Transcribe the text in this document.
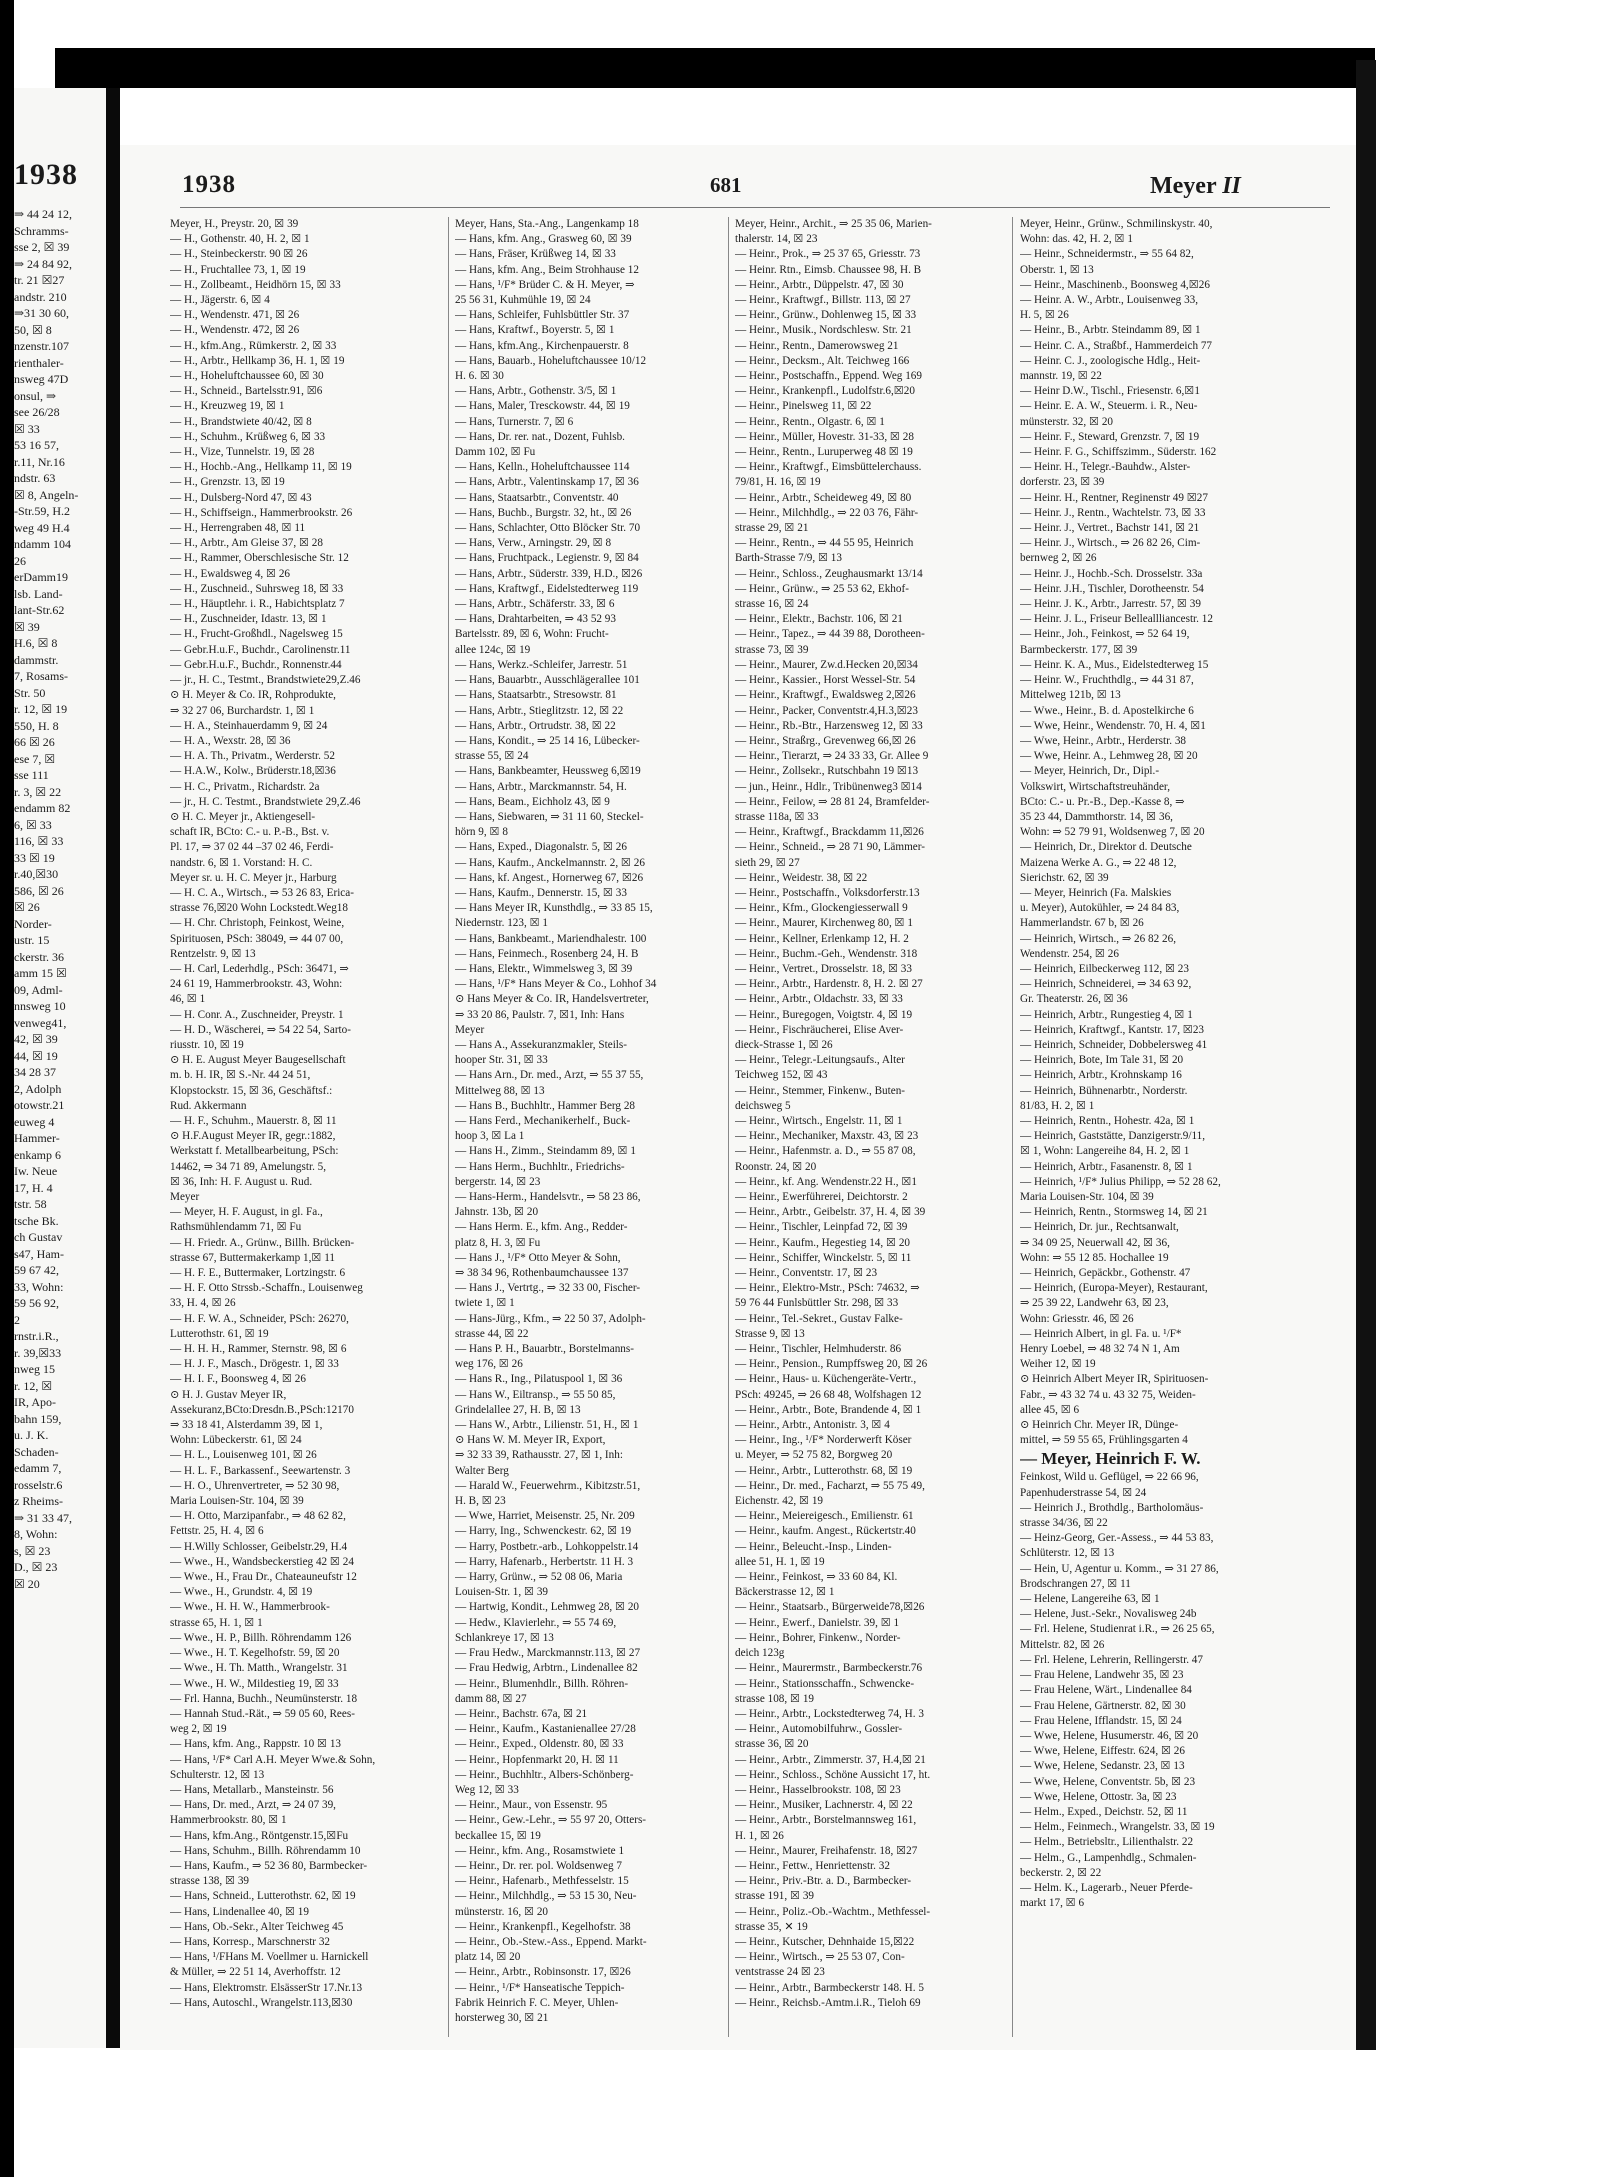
1938
⇒ 44 24 12,
Schramms-
sse 2, ☒ 39
⇒ 24 84 92,
tr. 21 ☒27
andstr. 210
⇒31 30 60,
50, ☒ 8
nzenstr.107
rienthaler-
nsweg 47D
onsul, ⇒
see 26/28
☒ 33
53 16 57,
r.11, Nr.16
ndstr. 63
☒ 8, Angeln-
-Str.59, H.2
weg 49 H.4
ndamm 104
26
erDamm19
lsb. Land-
lant-Str.62
☒ 39
H.6, ☒ 8
dammstr.
7, Rosams-
Str. 50
r. 12, ☒ 19
550, H. 8
66 ☒ 26
ese 7, ☒
sse 111
r. 3, ☒ 22
endamm 82
6, ☒ 33
116, ☒ 33
33 ☒ 19
r.40,☒30
586, ☒ 26
☒ 26
Norder-
ustr. 15
ckerstr. 36
amm 15 ☒
09, Adml-
nnsweg 10
venweg41,
42, ☒ 39
44, ☒ 19
34 28 37
2, Adolph
otowstr.21
euweg 4
Hammer-
enkamp 6
Iw. Neue
17, H. 4
tstr. 58
tsche Bk.
ch Gustav
s47, Ham-
59 67 42,
33, Wohn:
59 56 92,
2
rnstr.i.R.,
r. 39,☒33
nweg 15
r. 12, ☒
IR, Apo-
bahn 159,
u. J. K.
Schaden-
edamm 7,
rosselstr.6
z Rheims-
⇒ 31 33 47,
8, Wohn:
s, ☒ 23
D., ☒ 23
☒ 20
1938	681	Meyer II
Meyer, H., Preystr. 20, ☒ 39
— H., Gothenstr. 40, H. 2, ☒ 1
— H., Steinbeckerstr. 90 ☒ 26
— H., Fruchtallee 73, 1, ☒ 19
— H., Zollbeamt., Heidhörn 15, ☒ 33
— H., Jägerstr. 6, ☒ 4
— H., Wendenstr. 471, ☒ 26
— H., Wendenstr. 472, ☒ 26
— H., kfm.Ang., Rümkerstr. 2, ☒ 33
— H., Arbtr., Hellkamp 36, H. 1, ☒ 19
— H., Hoheluftchaussee 60, ☒ 30
— H., Schneid., Bartelsstr.91, ☒6
— H., Kreuzweg 19, ☒ 1
— H., Brandstwiete 40/42, ☒ 8
— H., Schuhm., Krüßweg 6, ☒ 33
— H., Vize, Tunnelstr. 19, ☒ 28
— H., Hochb.-Ang., Hellkamp 11, ☒ 19
— H., Grenzstr. 13, ☒ 19
— H., Dulsberg-Nord 47, ☒ 43
— H., Schiffseign., Hammerbrookstr. 26
— H., Herrengraben 48, ☒ 11
— H., Arbtr., Am Gleise 37, ☒ 28
— H., Rammer, Oberschlesische Str. 12
— H., Ewaldsweg 4, ☒ 26
— H., Zuschneid., Suhrsweg 18, ☒ 33
— H., Häuptlehr. i. R., Habichtsplatz 7
— H., Zuschneider, Idastr. 13, ☒ 1
— H., Frucht-Großhdl., Nagelsweg 15
— Gebr.H.u.F., Buchdr., Carolinenstr.11
— Gebr.H.u.F., Buchdr., Ronnenstr.44
— jr., H. C., Testmt., Brandstwiete29,Z.46
⊙ H. Meyer & Co. IR, Rohprodukte,
⇒ 32 27 06, Burchardstr. 1, ☒ 1
— H. A., Steinhauerdamm 9, ☒ 24
— H. A., Wexstr. 28, ☒ 36
— H. A. Th., Privatm., Werderstr. 52
— H.A.W., Kolw., Brüderstr.18,☒36
— H. C., Privatm., Richardstr. 2a
— jr., H. C. Testmt., Brandstwiete 29,Z.46
⊙ H. C. Meyer jr., Aktiengesell-
schaft IR, BCto: C.- u. P.-B., Bst. v.
Pl. 17, ⇒ 37 02 44 –37 02 46, Ferdi-
nandstr. 6, ☒ 1. Vorstand: H. C.
Meyer sr. u. H. C. Meyer jr., Harburg
— H. C. A., Wirtsch., ⇒ 53 26 83, Erica-
strasse 76,☒20 Wohn Lockstedt.Weg18
— H. Chr. Christoph, Feinkost, Weine,
Spirituosen, PSch: 38049, ⇒ 44 07 00,
Rentzelstr. 9, ☒ 13
— H. Carl, Lederhdlg., PSch: 36471, ⇒
24 61 19, Hammerbrookstr. 43, Wohn:
46, ☒ 1
— H. Conr. A., Zuschneider, Preystr. 1
— H. D., Wäscherei, ⇒ 54 22 54, Sarto-
riusstr. 10, ☒ 19
⊙ H. E. August Meyer Baugesellschaft
m. b. H. IR, ☒ S.-Nr. 44 24 51,
Klopstockstr. 15, ☒ 36, Geschäftsf.:
Rud. Akkermann
— H. F., Schuhm., Mauerstr. 8, ☒ 11
⊙ H.F.August Meyer IR, gegr.:1882,
Werkstatt f. Metallbearbeitung, PSch:
14462, ⇒ 34 71 89, Amelungstr. 5,
☒ 36, Inh: H. F. August u. Rud.
Meyer
— Meyer, H. F. August, in gl. Fa.,
Rathsmühlendamm 71, ☒ Fu
— H. Friedr. A., Grünw., Billh. Brücken-
strasse 67, Buttermakerkamp 1,☒ 11
— H. F. E., Buttermaker, Lortzingstr. 6
— H. F. Otto Strssb.-Schaffn., Louisenweg
33, H. 4, ☒ 26
— H. F. W. A., Schneider, PSch: 26270,
Lutterothstr. 61, ☒ 19
— H. H. H., Rammer, Sternstr. 98, ☒ 6
— H. J. F., Masch., Drögestr. 1, ☒ 33
— H. I. F., Boonsweg 4, ☒ 26
⊙ H. J. Gustav Meyer IR,
Assekuranz,BCto:Dresdn.B.,PSch:12170
⇒ 33 18 41, Alsterdamm 39, ☒ 1,
Wohn: Lübeckerstr. 61, ☒ 24
— H. L., Louisenweg 101, ☒ 26
— H. L. F., Barkassenf., Seewartenstr. 3
— H. O., Uhrenvertreter, ⇒ 52 30 98,
Maria Louisen-Str. 104, ☒ 39
— H. Otto, Marzipanfabr., ⇒ 48 62 82,
Fettstr. 25, H. 4, ☒ 6
— H.Willy Schlosser, Geibelstr.29, H.4
— Wwe., H., Wandsbeckerstieg 42 ☒ 24
— Wwe., H., Frau Dr., Chateauneufstr 12
— Wwe., H., Grundstr. 4, ☒ 19
— Wwe., H. H. W., Hammerbrook-
strasse 65, H. 1, ☒ 1
— Wwe., H. P., Billh. Röhrendamm 126
— Wwe., H. T. Kegelhofstr. 59, ☒ 20
— Wwe., H. Th. Matth., Wrangelstr. 31
— Wwe., H. W., Mildestieg 19, ☒ 33
— Frl. Hanna, Buchh., Neumünsterstr. 18
— Hannah Stud.-Rät., ⇒ 59 05 60, Rees-
weg 2, ☒ 19
— Hans, kfm. Ang., Rappstr. 10 ☒ 13
— Hans, ¹/F* Carl A.H. Meyer Wwe.& Sohn,
Schulterstr. 12, ☒ 13
— Hans, Metallarb., Mansteinstr. 56
— Hans, Dr. med., Arzt, ⇒ 24 07 39,
Hammerbrookstr. 80, ☒ 1
— Hans, kfm.Ang., Röntgenstr.15,☒Fu
— Hans, Schuhm., Billh. Röhrendamm 10
— Hans, Kaufm., ⇒ 52 36 80, Barmbecker-
strasse 138, ☒ 39
— Hans, Schneid., Lutterothstr. 62, ☒ 19
— Hans, Lindenallee 40, ☒ 19
— Hans, Ob.-Sekr., Alter Teichweg 45
— Hans, Korresp., Marschnerstr 32
— Hans, ¹/FHans M. Voellmer u. Harnickell
& Müller, ⇒ 22 51 14, Averhoffstr. 12
— Hans, Elektromstr. ElsässerStr 17.Nr.13
— Hans, Autoschl., Wrangelstr.113,☒30
Meyer, Hans, Sta.-Ang., Langenkamp 18
— Hans, kfm. Ang., Grasweg 60, ☒ 39
— Hans, Fräser, Krüßweg 14, ☒ 33
— Hans, kfm. Ang., Beim Strohhause 12
— Hans, ¹/F* Brüder C. & H. Meyer, ⇒
25 56 31, Kuhmühle 19, ☒ 24
— Hans, Schleifer, Fuhlsbüttler Str. 37
— Hans, Kraftwf., Boyerstr. 5, ☒ 1
— Hans, kfm.Ang., Kirchenpauerstr. 8
— Hans, Bauarb., Hoheluftchaussee 10/12
H. 6. ☒ 30
— Hans, Arbtr., Gothenstr. 3/5, ☒ 1
— Hans, Maler, Tresckowstr. 44, ☒ 19
— Hans, Turnerstr. 7, ☒ 6
— Hans, Dr. rer. nat., Dozent, Fuhlsb.
Damm 102, ☒ Fu
— Hans, Kelln., Hoheluftchaussee 114
— Hans, Arbtr., Valentinskamp 17, ☒ 36
— Hans, Staatsarbtr., Conventstr. 40
— Hans, Buchb., Burgstr. 32, ht., ☒ 26
— Hans, Schlachter, Otto Blöcker Str. 70
— Hans, Verw., Arningstr. 29, ☒ 8
— Hans, Fruchtpack., Legienstr. 9, ☒ 84
— Hans, Arbtr., Süderstr. 339, H.D., ☒26
— Hans, Kraftwgf., Eidelstedterweg 119
— Hans, Arbtr., Schäferstr. 33, ☒ 6
— Hans, Drahtarbeiten, ⇒ 43 52 93
Bartelsstr. 89, ☒ 6, Wohn: Frucht-
allee 124c, ☒ 19
— Hans, Werkz.-Schleifer, Jarrestr. 51
— Hans, Bauarbtr., Ausschlägerallee 101
— Hans, Staatsarbtr., Stresowstr. 81
— Hans, Arbtr., Stieglitzstr. 12, ☒ 22
— Hans, Arbtr., Ortrudstr. 38, ☒ 22
— Hans, Kondit., ⇒ 25 14 16, Lübecker-
strasse 55, ☒ 24
— Hans, Bankbeamter, Heussweg 6,☒19
— Hans, Arbtr., Marckmannstr. 54, H.
— Hans, Beam., Eichholz 43, ☒ 9
— Hans, Siebwaren, ⇒ 31 11 60, Steckel-
hörn 9, ☒ 8
— Hans, Exped., Diagonalstr. 5, ☒ 26
— Hans, Kaufm., Anckelmannstr. 2, ☒ 26
— Hans, kf. Angest., Hornerweg 67, ☒26
— Hans, Kaufm., Dennerstr. 15, ☒ 33
— Hans Meyer IR, Kunsthdlg., ⇒ 33 85 15,
Niedernstr. 123, ☒ 1
— Hans, Bankbeamt., Mariendhalestr. 100
— Hans, Feinmech., Rosenberg 24, H. B
— Hans, Elektr., Wimmelsweg 3, ☒ 39
— Hans, ¹/F* Hans Meyer & Co., Lohhof 34
⊙ Hans Meyer & Co. IR, Handelsvertreter,
⇒ 33 20 86, Paulstr. 7, ☒1, Inh: Hans
Meyer
— Hans A., Assekuranzmakler, Steils-
hooper Str. 31, ☒ 33
— Hans Arn., Dr. med., Arzt, ⇒ 55 37 55,
Mittelweg 88, ☒ 13
— Hans B., Buchhltr., Hammer Berg 28
— Hans Ferd., Mechanikerhelf., Buck-
hoop 3, ☒ La 1
— Hans H., Zimm., Steindamm 89, ☒ 1
— Hans Herm., Buchhltr., Friedrichs-
bergerstr. 14, ☒ 23
— Hans-Herm., Handelsvtr., ⇒ 58 23 86,
Jahnstr. 13b, ☒ 20
— Hans Herm. E., kfm. Ang., Redder-
platz 8, H. 3, ☒ Fu
— Hans J., ¹/F* Otto Meyer & Sohn,
⇒ 38 34 96, Rothenbaumchaussee 137
— Hans J., Vertrtg., ⇒ 32 33 00, Fischer-
twiete 1, ☒ 1
— Hans-Jürg., Kfm., ⇒ 22 50 37, Adolph-
strasse 44, ☒ 22
— Hans P. H., Bauarbtr., Borstelmanns-
weg 176, ☒ 26
— Hans R., Ing., Pilatuspool 1, ☒ 36
— Hans W., Eiltransp., ⇒ 55 50 85,
Grindelallee 27, H. B, ☒ 13
— Hans W., Arbtr., Lilienstr. 51, H., ☒ 1
⊙ Hans W. M. Meyer IR, Export,
⇒ 32 33 39, Rathausstr. 27, ☒ 1, Inh:
Walter Berg
— Harald W., Feuerwehrm., Kibitzstr.51,
H. B, ☒ 23
— Wwe, Harriet, Meisenstr. 25, Nr. 209
— Harry, Ing., Schwenckestr. 62, ☒ 19
— Harry, Postbetr.-arb., Lohkoppelstr.14
— Harry, Hafenarb., Herbertstr. 11 H. 3
— Harry, Grünw., ⇒ 52 08 06, Maria
Louisen-Str. 1, ☒ 39
— Hartwig, Kondit., Lehmweg 28, ☒ 20
— Hedw., Klavierlehr., ⇒ 55 74 69,
Schlankreye 17, ☒ 13
— Frau Hedw., Marckmannstr.113, ☒ 27
— Frau Hedwig, Arbtrn., Lindenallee 82
— Heinr., Blumenhdlr., Billh. Röhren-
damm 88, ☒ 27
— Heinr., Bachstr. 67a, ☒ 21
— Heinr., Kaufm., Kastanienallee 27/28
— Heinr., Exped., Oldenstr. 80, ☒ 33
— Heinr., Hopfenmarkt 20, H. ☒ 11
— Heinr., Buchhltr., Albers-Schönberg-
Weg 12, ☒ 33
— Heinr., Maur., von Essenstr. 95
— Heinr., Gew.-Lehr., ⇒ 55 97 20, Otters-
beckallee 15, ☒ 19
— Heinr., kfm. Ang., Rosamstwiete 1
— Heinr., Dr. rer. pol. Woldsenweg 7
— Heinr., Hafenarb., Methfesselstr. 15
— Heinr., Milchhdlg., ⇒ 53 15 30, Neu-
münsterstr. 16, ☒ 20
— Heinr., Krankenpfl., Kegelhofstr. 38
— Heinr., Ob.-Stew.-Ass., Eppend. Markt-
platz 14, ☒ 20
— Heinr., Arbtr., Robinsonstr. 17, ☒26
— Heinr., ¹/F* Hanseatische Teppich-
Fabrik Heinrich F. C. Meyer, Uhlen-
horsterweg 30, ☒ 21
Meyer, Heinr., Archit., ⇒ 25 35 06, Marien-
thalerstr. 14, ☒ 23
— Heinr., Prok., ⇒ 25 37 65, Griesstr. 73
— Heinr. Rtn., Eimsb. Chaussee 98, H. B
— Heinr., Arbtr., Düppelstr. 47, ☒ 30
— Heinr., Kraftwgf., Billstr. 113, ☒ 27
— Heinr., Grünw., Dohlenweg 15, ☒ 33
— Heinr., Musik., Nordschlesw. Str. 21
— Heinr., Rentn., Damerowsweg 21
— Heinr., Decksm., Alt. Teichweg 166
— Heinr., Postschaffn., Eppend. Weg 169
— Heinr., Krankenpfl., Ludolfstr.6,☒20
— Heinr., Pinelsweg 11, ☒ 22
— Heinr., Rentn., Olgastr. 6, ☒ 1
— Heinr., Müller, Hovestr. 31-33, ☒ 28
— Heinr., Rentn., Luruperweg 48 ☒ 19
— Heinr., Kraftwgf., Eimsbüttelerchauss.
79/81, H. 16, ☒ 19
— Heinr., Arbtr., Scheideweg 49, ☒ 80
— Heinr., Milchhdlg., ⇒ 22 03 76, Fähr-
strasse 29, ☒ 21
— Heinr., Rentn., ⇒ 44 55 95, Heinrich
Barth-Strasse 7/9, ☒ 13
— Heinr., Schloss., Zeughausmarkt 13/14
— Heinr., Grünw., ⇒ 25 53 62, Ekhof-
strasse 16, ☒ 24
— Heinr., Elektr., Bachstr. 106, ☒ 21
— Heinr., Tapez., ⇒ 44 39 88, Dorotheen-
strasse 73, ☒ 39
— Heinr., Maurer, Zw.d.Hecken 20,☒34
— Heinr., Kassier., Horst Wessel-Str. 54
— Heinr., Kraftwgf., Ewaldsweg 2,☒26
— Heinr., Packer, Conventstr.4,H.3,☒23
— Heinr., Rb.-Btr., Harzensweg 12, ☒ 33
— Heinr., Straßrg., Grevenweg 66,☒ 26
— Heinr., Tierarzt, ⇒ 24 33 33, Gr. Allee 9
— Heinr., Zollsekr., Rutschbahn 19 ☒13
— jun., Heinr., Hdlr., Tribünenweg3 ☒14
— Heinr., Feilow, ⇒ 28 81 24, Bramfelder-
strasse 118a, ☒ 33
— Heinr., Kraftwgf., Brackdamm 11,☒26
— Heinr., Schneid., ⇒ 28 71 90, Lämmer-
sieth 29, ☒ 27
— Heinr., Weidestr. 38, ☒ 22
— Heinr., Postschaffn., Volksdorferstr.13
— Heinr., Kfm., Glockengiesserwall 9
— Heinr., Maurer, Kirchenweg 80, ☒ 1
— Heinr., Kellner, Erlenkamp 12, H. 2
— Heinr., Buchm.-Geh., Wendenstr. 318
— Heinr., Vertret., Drosselstr. 18, ☒ 33
— Heinr., Arbtr., Hardenstr. 8, H. 2. ☒ 27
— Heinr., Arbtr., Oldachstr. 33, ☒ 33
— Heinr., Buregogen, Voigtstr. 4, ☒ 19
— Heinr., Fischräucherei, Elise Aver-
dieck-Strasse 1, ☒ 26
— Heinr., Telegr.-Leitungsaufs., Alter
Teichweg 152, ☒ 43
— Heinr., Stemmer, Finkenw., Buten-
deichsweg 5
— Heinr., Wirtsch., Engelstr. 11, ☒ 1
— Heinr., Mechaniker, Maxstr. 43, ☒ 23
— Heinr., Hafenmstr. a. D., ⇒ 55 87 08,
Roonstr. 24, ☒ 20
— Heinr., kf. Ang. Wendenstr.22 H., ☒1
— Heinr., Ewerführerei, Deichtorstr. 2
— Heinr., Arbtr., Geibelstr. 37, H. 4, ☒ 39
— Heinr., Tischler, Leinpfad 72, ☒ 39
— Heinr., Kaufm., Hegestieg 14, ☒ 20
— Heinr., Schiffer, Winckelstr. 5, ☒ 11
— Heinr., Conventstr. 17, ☒ 23
— Heinr., Elektro-Mstr., PSch: 74632, ⇒
59 76 44 Funlsbüttler Str. 298, ☒ 33
— Heinr., Tel.-Sekret., Gustav Falke-
Strasse 9, ☒ 13
— Heinr., Tischler, Helmhuderstr. 86
— Heinr., Pension., Rumpffsweg 20, ☒ 26
— Heinr., Haus- u. Küchengeräte-Vertr.,
PSch: 49245, ⇒ 26 68 48, Wolfshagen 12
— Heinr., Arbtr., Bote, Brandende 4, ☒ 1
— Heinr., Arbtr., Antonistr. 3, ☒ 4
— Heinr., Ing., ¹/F* Norderwerft Köser
u. Meyer, ⇒ 52 75 82, Borgweg 20
— Heinr., Arbtr., Lutterothstr. 68, ☒ 19
— Heinr., Dr. med., Facharzt, ⇒ 55 75 49,
Eichenstr. 42, ☒ 19
— Heinr., Meiereigesch., Emilienstr. 61
— Heinr., kaufm. Angest., Rückertstr.40
— Heinr., Beleucht.-Insp., Linden-
allee 51, H. 1, ☒ 19
— Heinr., Feinkost, ⇒ 33 60 84, Kl.
Bäckerstrasse 12, ☒ 1
— Heinr., Staatsarb., Bürgerweide78,☒26
— Heinr., Ewerf., Danielstr. 39, ☒ 1
— Heinr., Bohrer, Finkenw., Norder-
deich 123g
— Heinr., Maurermstr., Barmbeckerstr.76
— Heinr., Stationsschaffn., Schwencke-
strasse 108, ☒ 19
— Heinr., Arbtr., Lockstedterweg 74, H. 3
— Heinr., Automobilfuhrw., Gossler-
strasse 36, ☒ 20
— Heinr., Arbtr., Zimmerstr. 37, H.4,☒ 21
— Heinr., Schloss., Schöne Aussicht 17, ht.
— Heinr., Hasselbrookstr. 108, ☒ 23
— Heinr., Musiker, Lachnerstr. 4, ☒ 22
— Heinr., Arbtr., Borstelmannsweg 161,
H. 1, ☒ 26
— Heinr., Maurer, Freihafenstr. 18, ☒27
— Heinr., Fettw., Henriettenstr. 32
— Heinr., Priv.-Btr. a. D., Barmbecker-
strasse 191, ☒ 39
— Heinr., Poliz.-Ob.-Wachtm., Methfessel-
strasse 35, ✕ 19
— Heinr., Kutscher, Dehnhaide 15,☒22
— Heinr., Wirtsch., ⇒ 25 53 07, Con-
ventstrasse 24 ☒ 23
— Heinr., Arbtr., Barmbeckerstr 148. H. 5
— Heinr., Reichsb.-Amtm.i.R., Tieloh 69
Meyer, Heinr., Grünw., Schmilinskystr. 40,
Wohn: das. 42, H. 2, ☒ 1
— Heinr., Schneidermstr., ⇒ 55 64 82,
Oberstr. 1, ☒ 13
— Heinr., Maschinenb., Boonsweg 4,☒26
— Heinr. A. W., Arbtr., Louisenweg 33,
H. 5, ☒ 26
— Heinr., B., Arbtr. Steindamm 89, ☒ 1
— Heinr. C. A., Straßbf., Hammerdeich 77
— Heinr. C. J., zoologische Hdlg., Heit-
mannstr. 19, ☒ 22
— Heinr D.W., Tischl., Friesenstr. 6,☒1
— Heinr. E. A. W., Steuerm. i. R., Neu-
münsterstr. 32, ☒ 20
— Heinr. F., Steward, Grenzstr. 7, ☒ 19
— Heinr. F. G., Schiffszimm., Süderstr. 162
— Heinr. H., Telegr.-Bauhdw., Alster-
dorferstr. 23, ☒ 39
— Heinr. H., Rentner, Reginenstr 49 ☒27
— Heinr. J., Rentn., Wachtelstr. 73, ☒ 33
— Heinr. J., Vertret., Bachstr 141, ☒ 21
— Heinr. J., Wirtsch., ⇒ 26 82 26, Cim-
bernweg 2, ☒ 26
— Heinr. J., Hochb.-Sch. Drosselstr. 33a
— Heinr. J.H., Tischler, Dorotheenstr. 54
— Heinr. J. K., Arbtr., Jarrestr. 57, ☒ 39
— Heinr. J. L., Friseur Belleallliancestr. 12
— Heinr., Joh., Feinkost, ⇒ 52 64 19,
Barmbeckerstr. 177, ☒ 39
— Heinr. K. A., Mus., Eidelstedterweg 15
— Heinr. W., Fruchthdlg., ⇒ 44 31 87,
Mittelweg 121b, ☒ 13
— Wwe., Heinr., B. d. Apostelkirche 6
— Wwe, Heinr., Wendenstr. 70, H. 4, ☒1
— Wwe, Heinr., Arbtr., Herderstr. 38
— Wwe, Heinr. A., Lehmweg 28, ☒ 20
— Meyer, Heinrich, Dr., Dipl.-
Volkswirt, Wirtschaftstreuhänder,
BCto: C.- u. Pr.-B., Dep.-Kasse 8, ⇒
35 23 44, Dammthorstr. 14, ☒ 36,
Wohn: ⇒ 52 79 91, Woldsenweg 7, ☒ 20
— Heinrich, Dr., Direktor d. Deutsche
Maizena Werke A. G., ⇒ 22 48 12,
Sierichstr. 62, ☒ 39
— Meyer, Heinrich (Fa. Malskies
u. Meyer), Autokühler, ⇒ 24 84 83,
Hammerlandstr. 67 b, ☒ 26
— Heinrich, Wirtsch., ⇒ 26 82 26,
Wendenstr. 254, ☒ 26
— Heinrich, Eilbeckerweg 112, ☒ 23
— Heinrich, Schneiderei, ⇒ 34 63 92,
Gr. Theaterstr. 26, ☒ 36
— Heinrich, Arbtr., Rungestieg 4, ☒ 1
— Heinrich, Kraftwgf., Kantstr. 17, ☒23
— Heinrich, Schneider, Dobbelersweg 41
— Heinrich, Bote, Im Tale 31, ☒ 20
— Heinrich, Arbtr., Krohnskamp 16
— Heinrich, Bühnenarbtr., Norderstr.
81/83, H. 2, ☒ 1
— Heinrich, Rentn., Hohestr. 42a, ☒ 1
— Heinrich, Gaststätte, Danzigerstr.9/11,
☒ 1, Wohn: Langereihe 84, H. 2, ☒ 1
— Heinrich, Arbtr., Fasanenstr. 8, ☒ 1
— Heinrich, ¹/F* Julius Philipp, ⇒ 52 28 62,
Maria Louisen-Str. 104, ☒ 39
— Heinrich, Rentn., Stormsweg 14, ☒ 21
— Heinrich, Dr. jur., Rechtsanwalt,
⇒ 34 09 25, Neuerwall 42, ☒ 36,
Wohn: ⇒ 55 12 85. Hochallee 19
— Heinrich, Gepäckbr., Gothenstr. 47
— Heinrich, (Europa-Meyer), Restaurant,
⇒ 25 39 22, Landwehr 63, ☒ 23,
Wohn: Griesstr. 46, ☒ 26
— Heinrich Albert, in gl. Fa. u. ¹/F*
Henry Loebel, ⇒ 48 32 74 N 1, Am
Weiher 12, ☒ 19
⊙ Heinrich Albert Meyer IR, Spirituosen-
Fabr., ⇒ 43 32 74 u. 43 32 75, Weiden-
allee 45, ☒ 6
⊙ Heinrich Chr. Meyer IR, Dünge-
mittel, ⇒ 59 55 65, Frühlingsgarten 4
— Meyer, Heinrich F. W.
Feinkost, Wild u. Geflügel, ⇒ 22 66 96,
Papenhuderstrasse 54, ☒ 24
— Heinrich J., Brothdlg., Bartholomäus-
strasse 34/36, ☒ 22
— Heinz-Georg, Ger.-Assess., ⇒ 44 53 83,
Schlüterstr. 12, ☒ 13
— Hein, U, Agentur u. Komm., ⇒ 31 27 86,
Brodschrangen 27, ☒ 11
— Helene, Langereihe 63, ☒ 1
— Helene, Just.-Sekr., Novalisweg 24b
— Frl. Helene, Studienrat i.R., ⇒ 26 25 65,
Mittelstr. 82, ☒ 26
— Frl. Helene, Lehrerin, Rellingerstr. 47
— Frau Helene, Landwehr 35, ☒ 23
— Frau Helene, Wärt., Lindenallee 84
— Frau Helene, Gärtnerstr. 82, ☒ 30
— Frau Helene, Ifflandstr. 15, ☒ 24
— Wwe, Helene, Husumerstr. 46, ☒ 20
— Wwe, Helene, Eiffestr. 624, ☒ 26
— Wwe, Helene, Sedanstr. 23, ☒ 13
— Wwe, Helene, Conventstr. 5b, ☒ 23
— Wwe, Helene, Ottostr. 3a, ☒ 23
— Helm., Exped., Deichstr. 52, ☒ 11
— Helm., Feinmech., Wrangelstr. 33, ☒ 19
— Helm., Betriebsltr., Lilienthalstr. 22
— Helm., G., Lampenhdlg., Schmalen-
beckerstr. 2, ☒ 22
— Helm. K., Lagerarb., Neuer Pferde-
markt 17, ☒ 6
